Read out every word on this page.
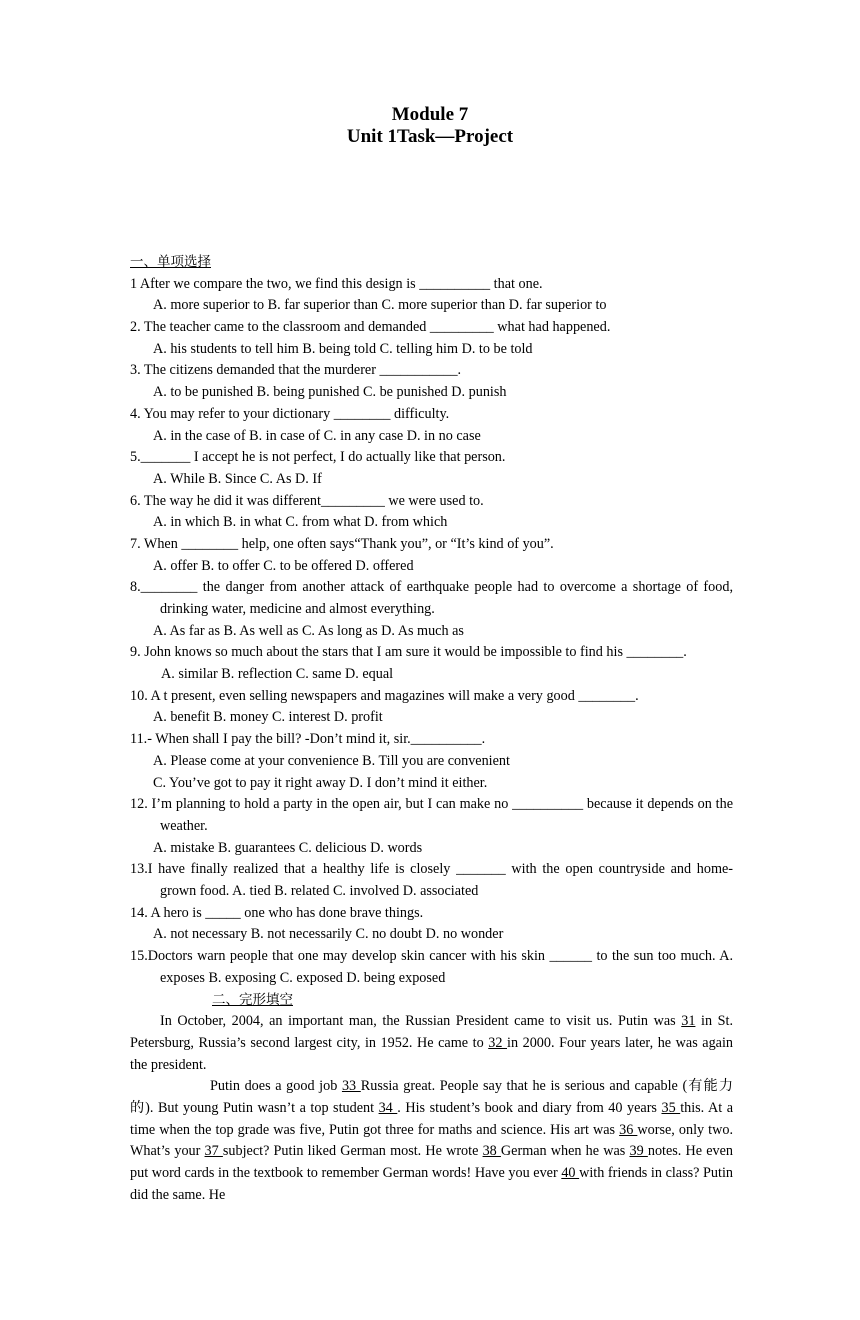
Module 7
Unit 1Task—Project
一、单项选择
1 After we compare the two, we find this design is __________ that one.
A. more superior to B. far superior than C. more superior than D. far superior to
2. The teacher came to the classroom and demanded _________ what had happened.
A. his students to tell him B. being told C. telling him D. to be told
3. The citizens demanded that the murderer ___________.
A. to be punished B. being punished C. be punished D. punish
4. You may refer to your dictionary ________ difficulty.
A. in the case of B. in case of C. in any case D. in no case
5._______ I accept he is not perfect, I do actually like that person.
A. While B. Since C. As D. If
6. The way he did it was different_________ we were used to.
A. in which B. in what C. from what D. from which
7. When ________ help, one often says“Thank you”, or “It’s kind of you”.
A. offer B. to offer C. to be offered D. offered
8.________ the danger from another attack of earthquake people had to overcome a shortage of food, drinking water, medicine and almost everything.
A. As far as B. As well as C. As long as D. As much as
9. John knows so much about the stars that I am sure it would be impossible to find his ________.
A. similar B. reflection C. same D. equal
10. A t present, even selling newspapers and magazines will make a very good ________.
A. benefit B. money C. interest D. profit
11.- When shall I pay the bill? -Don’t mind it, sir.__________.
A. Please come at your convenience B. Till you are convenient
C. You’ve got to pay it right away D. I don’t mind it either.
12. I’m planning to hold a party in the open air, but I can make no __________ because it depends on the weather.
A. mistake B. guarantees C. delicious D. words
13.I have finally realized that a healthy life is closely _______ with the open countryside and home-grown food. A. tied B. related C. involved D. associated
14. A hero is _____ one who has done brave things.
A. not necessary B. not necessarily C. no doubt D. no wonder
15.Doctors warn people that one may develop skin cancer with his skin ______ to the sun too much. A. exposes B. exposing C. exposed D. being exposed
二、完形填空
In October, 2004, an important man, the Russian President came to visit us. Putin was 31 in St. Petersburg, Russia’s second largest city, in 1952. He came to 32 in 2000. Four years later, he was again the president.
Putin does a good job 33 Russia great. People say that he is serious and capable (有能力的). But young Putin wasn’t a top student 34 . His student’s book and diary from 40 years 35 this. At a time when the top grade was five, Putin got three for maths and science. His art was 36 worse, only two. What’s your 37 subject? Putin liked German most. He wrote 38 German when he was 39 notes. He even put word cards in the textbook to remember German words! Have you ever 40 with friends in class? Putin did the same. He
